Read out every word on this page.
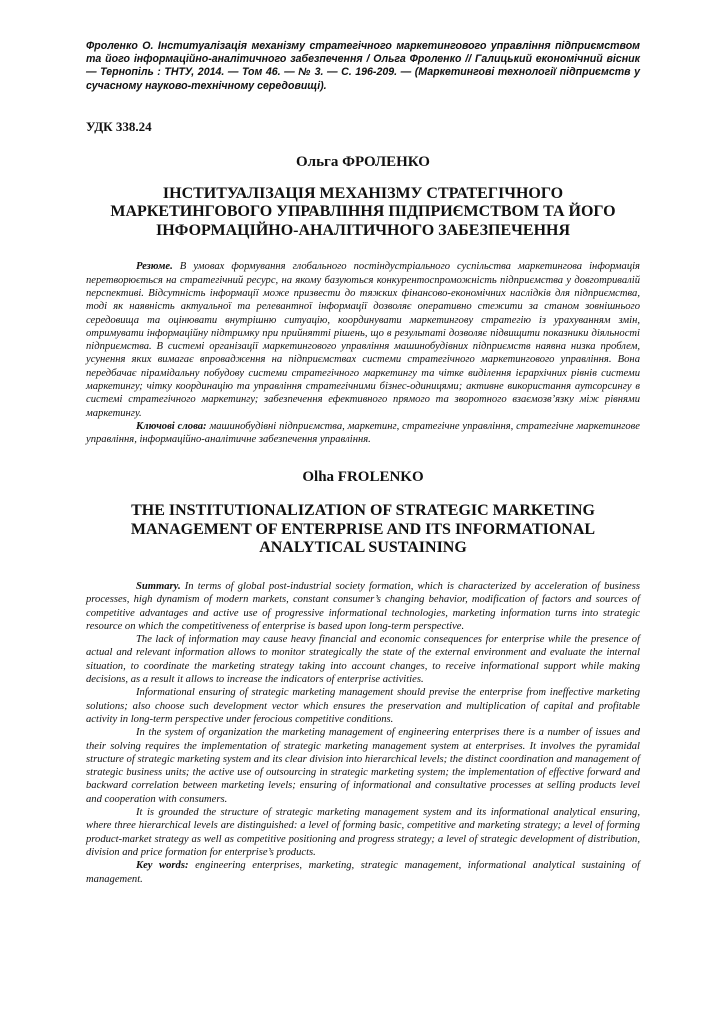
Фроленко О. Інституалізація механізму стратегічного маркетингового управління підприємством та його інформаційно-аналітичного забезпечення / Ольга Фроленко // Галицький економічний вісник — Тернопіль : ТНТУ, 2014. — Том 46. — № 3. — С. 196-209. — (Маркетингові технології підприємств у сучасному науково-технічному середовищі).

УДК 338.24

Ольга ФРОЛЕНКО

ІНСТИТУАЛІЗАЦІЯ МЕХАНІЗМУ СТРАТЕГІЧНОГО МАРКЕТИНГОВОГО УПРАВЛІННЯ ПІДПРИЄМСТВОМ ТА ЙОГО ІНФОРМАЦІЙНО-АНАЛІТИЧНОГО ЗАБЕЗПЕЧЕННЯ

Резюме. В умовах формування глобального постіндустріального суспільства маркетингова інформація перетворюється на стратегічний ресурс, на якому базуються конкурентоспроможність підприємства у довготривалій перспективі. Відсутність інформації може призвести до тяжких фінансово-економічних наслідків для підприємства, тоді як наявність актуальної та релевантної інформації дозволяє оперативно стежити за станом зовнішнього середовища та оцінювати внутрішню ситуацію, координувати маркетингову стратегію із урахуванням змін, отримувати інформаційну підтримку при прийнятті рішень, що в результаті дозволяє підвищити показники діяльності підприємства. В системі організації маркетингового управління машинобудівних підприємств наявна низка проблем, усунення яких вимагає впровадження на підприємствах системи стратегічного маркетингового управління. Вона передбачає пірамідальну побудову системи стратегічного маркетингу та чітке виділення ієрархічних рівнів системи маркетингу; чітку координацію та управління стратегічними бізнес-одиницями; активне використання аутсорсингу в системі стратегічного маркетингу; забезпечення ефективного прямого та зворотного взаємозв’язку між рівнями маркетингу.

Ключові слова: машинобудівні підприємства, маркетинг, стратегічне управління, стратегічне маркетингове управління, інформаційно-аналітичне забезпечення управління.

Olha FROLENKO

THE INSTITUTIONALIZATION OF STRATEGIC MARKETING MANAGEMENT OF ENTERPRISE AND ITS INFORMATIONAL ANALYTICAL SUSTAINING

Summary. In terms of global post-industrial society formation, which is characterized by acceleration of business processes, high dynamism of modern markets, constant consumer’s changing behavior, modification of factors and sources of competitive advantages and active use of progressive informational technologies, marketing information turns into strategic resource on which the competitiveness of enterprise is based upon long-term perspective.

The lack of information may cause heavy financial and economic consequences for enterprise while the presence of actual and relevant information allows to monitor strategically the state of the external environment and evaluate the internal situation, to coordinate the marketing strategy taking into account changes, to receive informational support while making decisions, as a result it allows to increase the indicators of enterprise activities.

Informational ensuring of strategic marketing management should previse the enterprise from ineffective marketing solutions; also choose such development vector which ensures the preservation and multiplication of capital and profitable activity in long-term perspective under ferocious competitive conditions.

In the system of organization the marketing management of engineering enterprises there is a number of issues and their solving requires the implementation of strategic marketing management system at enterprises. It involves the pyramidal structure of strategic marketing system and its clear division into hierarchical levels; the distinct coordination and management of strategic business units; the active use of outsourcing in strategic marketing system; the implementation of effective forward and backward correlation between marketing levels; ensuring of informational and consultative processes at selling products level and cooperation with consumers.

It is grounded the structure of strategic marketing management system and its informational analytical ensuring, where three hierarchical levels are distinguished: a level of forming basic, competitive and marketing strategy; a level of forming product-market strategy as well as competitive positioning and progress strategy; a level of strategic development of distribution, division and price formation for enterprise’s products.

Key words: engineering enterprises, marketing, strategic management, informational analytical sustaining of management.
